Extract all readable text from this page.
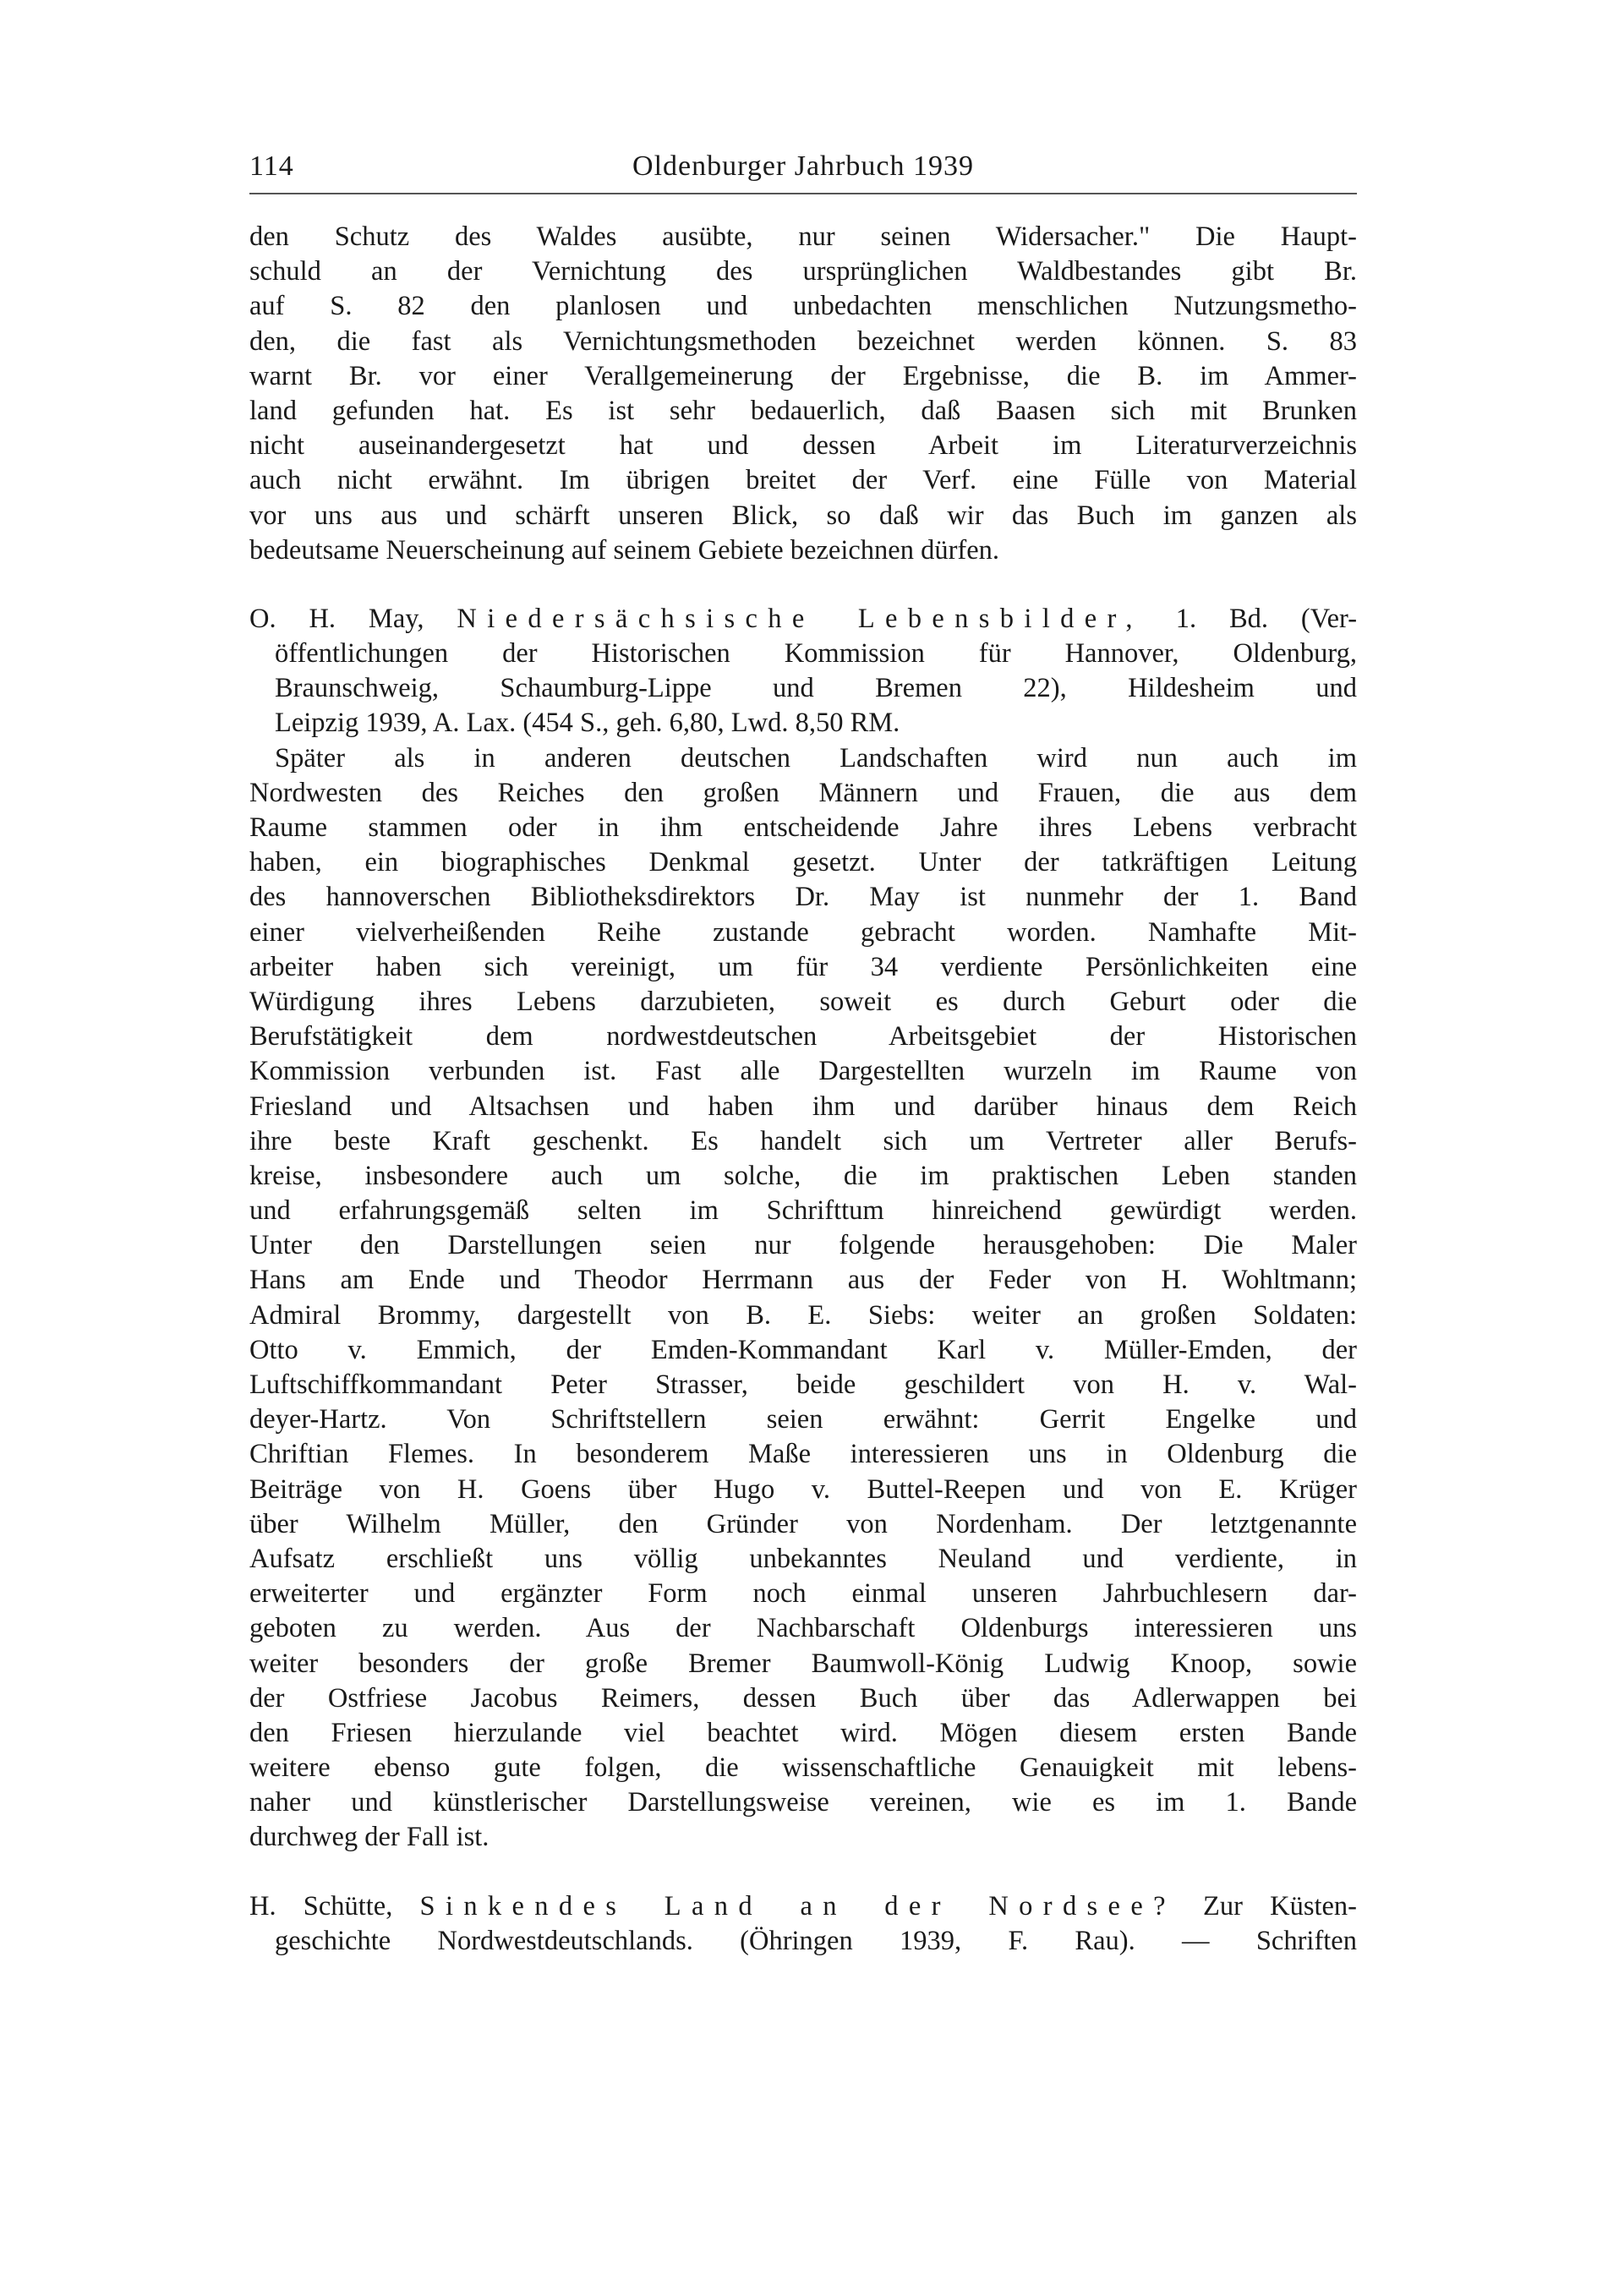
114	Oldenburger Jahrbuch 1939
den Schutz des Waldes ausübte, nur seinen Widersacher." Die Haupt-
schuld an der Vernichtung des ursprünglichen Waldbestandes gibt Br.
auf S. 82 den planlosen und unbedachten menschlichen Nutzungsmetho-
den, die fast als Vernichtungsmethoden bezeichnet werden können. S. 83
warnt Br. vor einer Verallgemeinerung der Ergebnisse, die B. im Ammer-
land gefunden hat. Es ist sehr bedauerlich, daß Baasen sich mit Brunken
nicht auseinandergesetzt hat und dessen Arbeit im Literaturverzeichnis
auch nicht erwähnt. Im übrigen breitet der Verf. eine Fülle von Material
vor uns aus und schärft unseren Blick, so daß wir das Buch im ganzen als
bedeutsame Neuerscheinung auf seinem Gebiete bezeichnen dürfen.
O. H. May, Niedersächsische Lebensbilder, 1. Bd. (Ver-
öffentlichungen der Historischen Kommission für Hannover, Oldenburg,
Braunschweig, Schaumburg-Lippe und Bremen 22), Hildesheim und
Leipzig 1939, A. Lax. (454 S., geh. 6,80, Lwd. 8,50 RM.
Später als in anderen deutschen Landschaften wird nun auch im
Nordwesten des Reiches den großen Männern und Frauen, die aus dem
Raume stammen oder in ihm entscheidende Jahre ihres Lebens verbracht
haben, ein biographisches Denkmal gesetzt. Unter der tatkräftigen Leitung
des hannoverschen Bibliotheksdirektors Dr. May ist nunmehr der 1. Band
einer vielverheißenden Reihe zustande gebracht worden. Namhafte Mit-
arbeiter haben sich vereinigt, um für 34 verdiente Persönlichkeiten eine
Würdigung ihres Lebens darzubieten, soweit es durch Geburt oder die
Berufstätigkeit dem nordwestdeutschen Arbeitsgebiet der Historischen
Kommission verbunden ist. Fast alle Dargestellten wurzeln im Raume von
Friesland und Altsachsen und haben ihm und darüber hinaus dem Reich
ihre beste Kraft geschenkt. Es handelt sich um Vertreter aller Berufs-
kreise, insbesondere auch um solche, die im praktischen Leben standen
und erfahrungsgemäß selten im Schrifttum hinreichend gewürdigt werden.
Unter den Darstellungen seien nur folgende herausgehoben: Die Maler
Hans am Ende und Theodor Herrmann aus der Feder von H. Wohltmann;
Admiral Brommy, dargestellt von B. E. Siebs: weiter an großen Soldaten:
Otto v. Emmich, der Emden-Kommandant Karl v. Müller-Emden, der
Luftschiffkommandant Peter Strasser, beide geschildert von H. v. Wal-
deyer-Hartz. Von Schriftstellern seien erwähnt: Gerrit Engelke und
Chriftian Flemes. In besonderem Maße interessieren uns in Oldenburg die
Beiträge von H. Goens über Hugo v. Buttel-Reepen und von E. Krüger
über Wilhelm Müller, den Gründer von Nordenham. Der letztgenannte
Aufsatz erschließt uns völlig unbekanntes Neuland und verdiente, in
erweiterter und ergänzter Form noch einmal unseren Jahrbuchlesern dar-
geboten zu werden. Aus der Nachbarschaft Oldenburgs interessieren uns
weiter besonders der große Bremer Baumwoll-König Ludwig Knoop, sowie
der Ostfriese Jacobus Reimers, dessen Buch über das Adlerwappen bei
den Friesen hierzulande viel beachtet wird. Mögen diesem ersten Bande
weitere ebenso gute folgen, die wissenschaftliche Genauigkeit mit lebens-
naher und künstlerischer Darstellungsweise vereinen, wie es im 1. Bande
durchweg der Fall ist.
H. Schütte, Sinkendes Land an der Nordsee? Zur Küsten-
geschichte Nordwestdeutschlands. (Öhringen 1939, F. Rau). — Schriften
